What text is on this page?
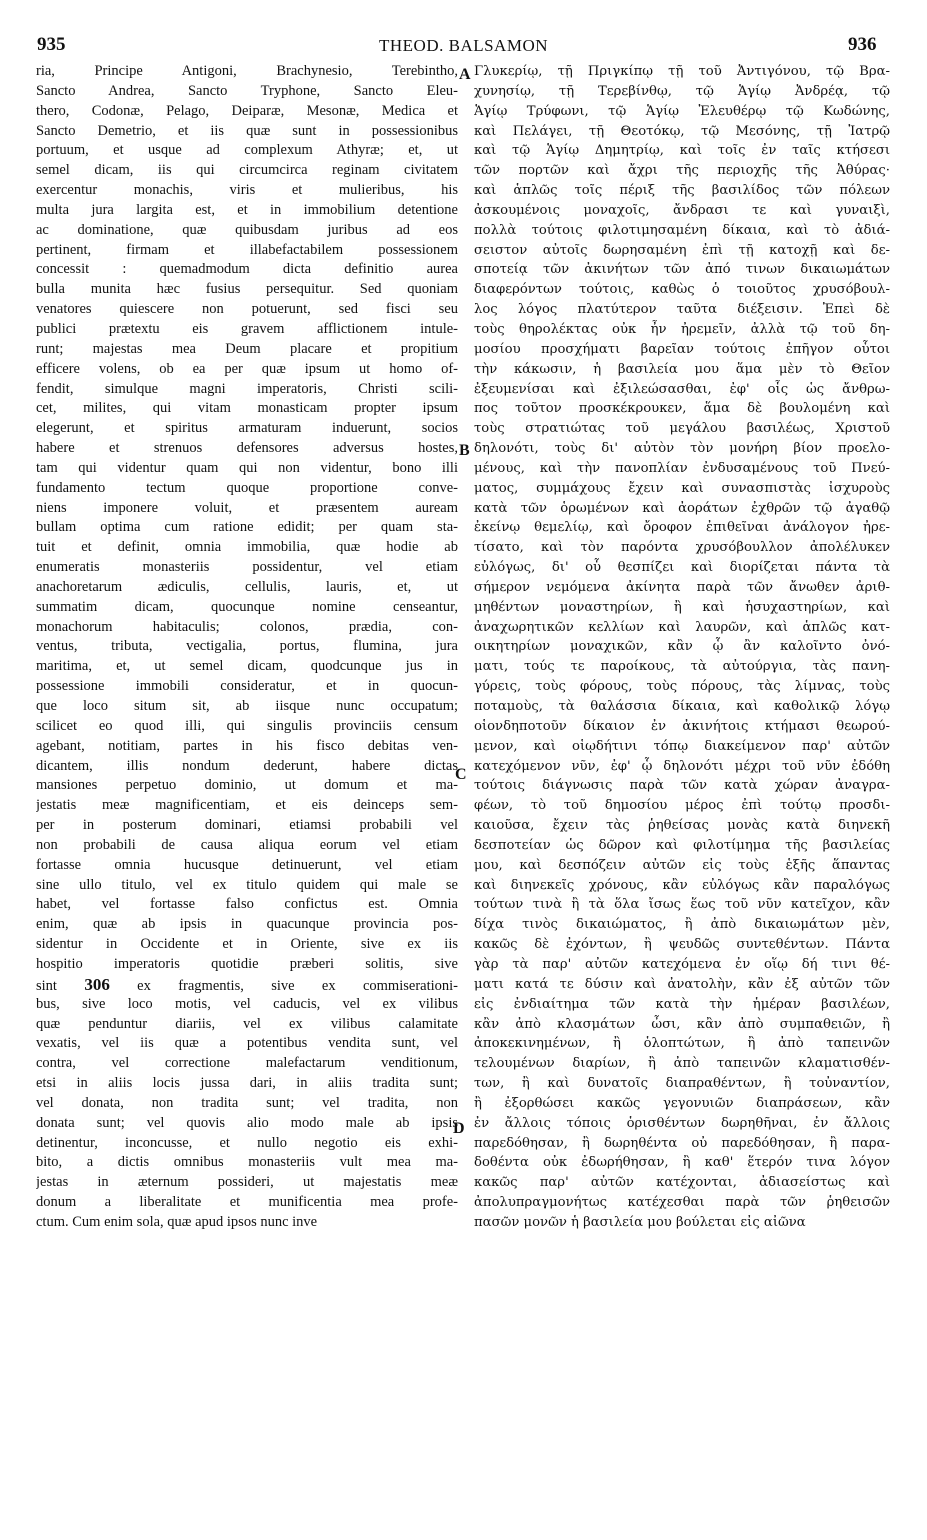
935	THEOD. BALSAMON	936
ria, Principe Antigoni, Brachynesio, Terebintho,
Sancto Andrea, Sancto Tryphone, Sancto Eleu-
thero, Codonæ, Pelago, Deiparæ, Mesonæ, Medica et
Sancto Demetrio, et iis quæ sunt in possessionibus
portuum, et usque ad complexum Athyræ; et, ut
semel dicam, iis qui circumcirca reginam civitatem
exercentur monachis, viris et mulieribus, his
multa jura largita est, et in immobilium detentione
ac dominatione, quæ quibusdam juribus ad eos
pertinent, firmam et illabefactabilem possessionem
concessit : quemadmodum dicta definitio aurea
bulla munita hæc fusius persequitur. Sed quoniam
venatores quiescere non potuerunt, sed fisci seu
publici prætextu eis gravem afflictionem intule-
runt; majestas mea Deum placare et propitium
efficere volens, ob ea per quæ ipsum ut homo of-
fendit, simulque magni imperatoris, Christi scili-
cet, milites, qui vitam monasticam propter ipsum
elegerunt, et spiritus armaturam induerunt, socios
habere et strenuos defensores adversus hostes,
tam qui videntur quam qui non videntur, bono illi
fundamento tectum quoque proportione conve-
niens imponere voluit, et præsentem auream
bullam optima cum ratione edidit; per quam sta-
tuit et definit, omnia immobilia, quæ hodie ab
enumeratis monasteriis possidentur, vel etiam
anachoretarum ædiculis, cellulis, lauris, et, ut
summatim dicam, quocunque nomine censeantur,
monachorum habitaculis; colonos, prædia, con-
ventus, tributa, vectigalia, portus, flumina, jura
maritima, et, ut semel dicam, quodcunque jus in
possessione immobili consideratur, et in quocun-
que loco situm sit, ab iisque nunc occupatum;
scilicet eo quod illi, qui singulis provinciis censum
agebant, notitiam, partes in his fisco debitas ven-
dicantem, illis nondum dederunt, habere dictas
mansiones perpetuo dominio, ut domum et ma-
jestatis meæ magnificentiam, et eis deinceps sem-
per in posterum dominari, etiamsi probabili vel
non probabili de causa aliqua eorum vel etiam
fortasse omnia hucusque detinuerunt, vel etiam
sine ullo titulo, vel ex titulo quidem qui male se
habet, vel fortasse falso confictus est. Omnia
enim, quæ ab ipsis in quacunque provincia pos-
sidentur in Occidente et in Oriente, sive ex iis
hospitio imperatoris quotidie præberi solitis, sive
sint 306 ex fragmentis, sive ex commiserationi-
bus, sive loco motis, vel caducis, vel ex vilibus
quæ penduntur diariis, vel ex vilibus calamitate
vexatis, vel iis quæ a potentibus vendita sunt, vel
contra, vel correctione malefactarum venditionum,
etsi in aliis locis jussa dari, in aliis tradita sunt;
vel donata, non tradita sunt; vel tradita, non
donata sunt; vel quovis alio modo male ab ipsis
detinentur, inconcusse, et nullo negotio eis exhi-
bito, a dictis omnibus monasteriis vult mea ma-
jestas in æternum possideri, ut majestatis meæ
donum a liberalitate et munificentia mea profe-
ctum. Cum enim sola, quæ apud ipsos nunc inve
A
B
C
D
Γλυκερίῳ, τῇ Πριγκίπῳ τῇ τοῦ Ἀντιγόνου, τῷ Βρα-
χυνησίῳ, τῇ Τερεβίνθῳ, τῷ Ἁγίῳ Ἀνδρέᾳ, τῷ
Ἁγίῳ Τρύφωνι, τῷ Ἁγίῳ Ἐλευθέρῳ τῷ Κωδώνης,
καὶ Πελάγει, τῇ Θεοτόκῳ, τῷ Μεσόνης, τῇ Ἰατρῷ
καὶ τῷ Ἁγίῳ Δημητρίῳ, καὶ τοῖς ἐν ταῖς κτήσεσι
τῶν πορτῶν καὶ ἄχρι τῆς περιοχῆς τῆς Ἀθύρας·
καὶ ἁπλῶς τοῖς πέριξ τῆς βασιλίδος τῶν πόλεων
ἀσκουμένοις μοναχοῖς, ἄνδρασι τε καὶ γυναιξὶ,
πολλὰ τούτοις φιλοτιμησαμένη δίκαια, καὶ τὸ ἀδιά-
σειστον αὐτοῖς δωρησαμένη ἐπὶ τῇ κατοχῇ καὶ δε-
σποτείᾳ τῶν ἀκινήτων τῶν ἀπό τινων δικαιωμάτων
διαφερόντων τούτοις, καθὼς ὁ τοιοῦτος χρυσόβουλ-
λος λόγος πλατύτερον ταῦτα διέξεισιν. Ἐπεὶ δὲ
τοὺς θηρολέκτας οὐκ ἦν ἠρεμεῖν, ἀλλὰ τῷ τοῦ δη-
μοσίου προσχήματι βαρεῖαν τούτοις ἐπῆγον οὗτοι
τὴν κάκωσιν, ἡ βασιλεία μου ἅμα μὲν τὸ Θεῖον
ἐξευμενίσαι καὶ ἐξιλεώσασθαι, ἐφ' οἷς ὡς ἄνθρω-
πος τοῦτον προσκέκρουκεν, ἅμα δὲ βουλομένη καὶ
τοὺς στρατιώτας τοῦ μεγάλου βασιλέως, Χριστοῦ
δηλονότι, τοὺς δι' αὐτὸν τὸν μονήρη βίον προελο-
μένους, καὶ τὴν πανοπλίαν ἐνδυσαμένους τοῦ Πνεύ-
ματος, συμμάχους ἔχειν καὶ συνασπιστὰς ἰσχυροὺς
κατὰ τῶν ὁρωμένων καὶ ἀοράτων ἐχθρῶν τῷ ἀγαθῷ
ἐκείνῳ θεμελίῳ, καὶ ὄροφον ἐπιθεῖναι ἀνάλογον ἠρε-
τίσατο, καὶ τὸν παρόντα χρυσόβουλλον ἀπολέλυκεν
εὐλόγως, δι' οὗ θεσπίζει καὶ διορίζεται πάντα τὰ
σήμερον νεμόμενα ἀκίνητα παρὰ τῶν ἄνωθεν ἀριθ-
μηθέντων μοναστηρίων, ἢ καὶ ἡσυχαστηρίων, καὶ
ἀναχωρητικῶν κελλίων καὶ λαυρῶν, καὶ ἁπλῶς κατ-
οικητηρίων μοναχικῶν, κἂν ᾧ ἂν καλοῖντο ὀνό-
ματι, τούς τε παροίκους, τὰ αὐτούργια, τὰς πανη-
γύρεις, τοὺς φόρους, τοὺς πόρους, τὰς λίμνας, τοὺς
ποταμοὺς, τὰ θαλάσσια δίκαια, καὶ καθολικῷ λόγῳ
οἱονδηποτοῦν δίκαιον ἐν ἀκινήτοις κτήμασι θεωρού-
μενον, καὶ οἱῳδήτινι τόπῳ διακείμενον παρ' αὐτῶν
κατεχόμενον νῦν, ἐφ' ᾧ δηλονότι μέχρι τοῦ νῦν ἐδόθη
τούτοις διάγνωσις παρὰ τῶν κατὰ χώραν ἀναγρα-
φέων, τὸ τοῦ δημοσίου μέρος ἐπὶ τούτῳ προσδι-
καιοῦσα, ἔχειν τὰς ῥηθείσας μονὰς κατὰ διηνεκῆ
δεσποτείαν ὡς δῶρον καὶ φιλοτίμημα τῆς βασιλείας
μου, καὶ δεσπόζειν αὐτῶν εἰς τοὺς ἑξῆς ἅπαντας
καὶ διηνεκεῖς χρόνους, κἂν εὐλόγως κἂν παραλόγως
τούτων τινὰ ἢ τὰ ὅλα ἴσως ἕως τοῦ νῦν κατεῖχον, κἂν
δίχα τινὸς δικαιώματος, ἢ ἀπὸ δικαιωμάτων μὲν,
κακῶς δὲ ἐχόντων, ἢ ψευδῶς συντεθέντων. Πάντα
γὰρ τὰ παρ' αὐτῶν κατεχόμενα ἐν οἵῳ δή τινι θέ-
ματι κατά τε δύσιν καὶ ἀνατολὴν, κἂν ἐξ αὐτῶν τῶν
εἰς ἐνδιαίτημα τῶν κατὰ τὴν ἡμέραν βασιλέων,
κἂν ἀπὸ κλασμάτων ὦσι, κἂν ἀπὸ συμπαθειῶν, ἢ
ἀποκεκινημένων, ἢ ὁλοπτώτων, ἢ ἀπὸ ταπεινῶν
τελουμένων διαρίων, ἢ ἀπὸ ταπεινῶν κλαματισθέν-
των, ἢ καὶ δυνατοῖς διαπραθέντων, ἢ τοὐναντίον,
ἢ ἐξορθώσει κακῶς γεγονυιῶν διαπράσεων, κἂν
ἐν ἄλλοις τόποις ὁρισθέντων δωρηθῆναι, ἐν ἄλλοις
παρεδόθησαν, ἢ δωρηθέντα οὐ παρεδόθησαν, ἢ παρα-
δοθέντα οὐκ ἐδωρήθησαν, ἢ καθ' ἕτερόν τινα λόγον
κακῶς παρ' αὐτῶν κατέχονται, ἀδιασείστως καὶ
ἀπολυπραγμονήτως κατέχεσθαι παρὰ τῶν ῥηθεισῶν
πασῶν μονῶν ἡ βασιλεία μου βούλεται εἰς αἰῶνα
